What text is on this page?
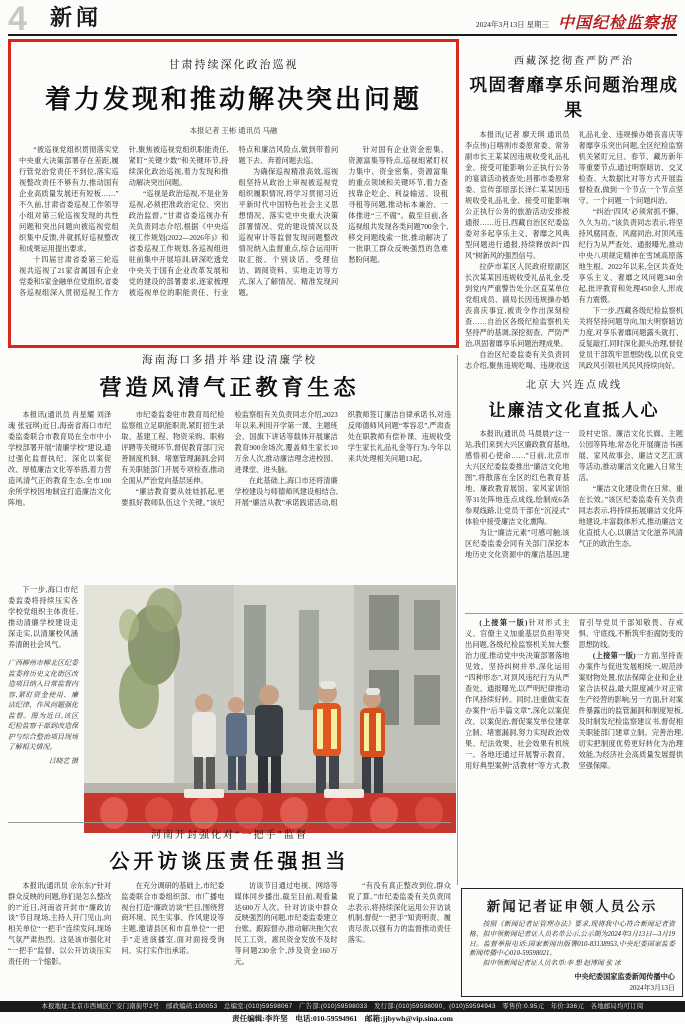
4 新闻	2024年3月13日 星期三 中国纪检监察报
甘肃持续深化政治巡视
着力发现和推动解决突出问题
本报记者 王彬 通讯员 马融

“被巡视党组织贯彻落实党中央重大决策部署存在差距,履行管党治党责任不到位,落实巡视整改责任不够有力,推动国有企业高质量发展还有短板……”不久前,甘肃省委巡视工作领导小组对第三轮巡视发现的共性问题和突出问题向被巡视党组织集中反馈,并就抓好巡视整改和成果运用提出要求。

十四届甘肃省委第三轮巡视共巡视了21家省属国有企业党委和5家金融单位党组织,省委各巡视组深入贯彻巡视工作方针,聚焦被巡视党组织职能责任,紧盯“关键少数”和关键环节,持续深化政治巡视,着力发现和推动解决突出问题。

“巡视是政治巡视,不是业务巡视,必须把准政治定位、突出政治监督。”甘肃省委巡视办有关负责同志介绍,根据《中央巡视工作规划(2022—2026年)》和省委巡视工作规划,各巡视组进驻前集中开展培训,研深吃透党中央关于国有企业改革发展和党的建设的部署要求,逐家梳理被巡视单位的职能责任、行业特点和廉洁风险点,做到带着问题下去、奔着问题去巡。

为确保巡视精准高效,巡视组坚持从政治上审视被巡视党组织履职情况,将学习贯彻习近平新时代中国特色社会主义思想情况、落实党中央重大决策部署情况、党的建设情况以及巡视审计等监督发现问题整改情况纳入监督重点,综合运用听取汇报、个别谈话、受理信访、调阅资料、实地走访等方式,深入了解情况、精准发现问题。

针对国有企业资金密集、资源富集等特点,巡视组紧盯权力集中、资金密集、资源富集的重点领域和关键环节,着力查找靠企吃企、利益输送、设租寻租等问题,推动标本兼治、一体推进“三不腐”。截至目前,各巡视组共发现各类问题700余个,移交问题线索一批,推动解决了一批职工群众反映强烈的急难愁盼问题。

西藏深挖彻查严防严治
巩固奢靡享乐问题治理成果

本报讯(记者 廖天琪 通讯员 李点伟)日喀则市委原常委、常务副市长王某某因违规收受礼品礼金、接受可能影响公正执行公务的宴请活动被查处;昌都市委原常委、宣传部原部长泽仁某某因违规收受礼品礼金、接受可能影响公正执行公务的旅游活动安排被通报……近日,西藏自治区纪委监委对多起享乐主义、奢靡之风典型问题进行通报,持续释放纠“四风”树新风的强烈信号。

拉萨市某区人民政府原副区长次某某因违规收受礼品礼金,受到党内严重警告处分;区直某单位党组成员、副局长因违规操办婚丧喜庆事宜,被责令作出深刻检查……自治区各级纪检监察机关坚持严的基调,深挖彻查、严防严治,巩固奢靡享乐问题治理成果。

自治区纪委监委有关负责同志介绍,聚焦违规吃喝、违规收送礼品礼金、违规操办婚丧喜庆等奢靡享乐突出问题,全区纪检监察机关紧盯元旦、春节、藏历新年等重要节点,通过明察暗访、交叉检查、大数据比对等方式开展监督检查,做到一个节点一个节点坚守、一个问题一个问题纠治。

“纠治‘四风’必须常抓不懈、久久为功。”该负责同志表示,将坚持风腐同查、风腐同治,对顶风违纪行为从严查处、通报曝光,推动中央八项规定精神在雪域高原落地生根。2022年以来,全区共查处享乐主义、奢靡之风问题340余起,批评教育和处理450余人,形成有力震慑。

下一步,西藏各级纪检监察机关将坚持问题导向,加大明察暗访力度,对享乐奢靡问题露头就打、反复敲打,同时深化源头治理,督促党员干部筑牢思想防线,以优良党风政风引领社风民风持续向好。

海南海口多措并举建设清廉学校
营造风清气正教育生态

本报讯(通讯员 肖星耀 刘泽魂 张冠琪)近日,海南省海口市纪委监委联合市教育局在全市中小学校部署开展“清廉学校”建设,通过强化监督执纪、深化以案促改、厚植廉洁文化等举措,着力营造风清气正的教育生态,全市100余所学校因地制宜打造廉洁文化阵地。

市纪委监委驻市教育局纪检监察组立足职能职责,紧盯招生录取、基建工程、物资采购、职称评聘等关键环节,督促教育部门完善制度机制、堵塞管理漏洞,会同有关职能部门开展专项检查,推动全面从严治党向基层延伸。

“廉洁教育要从娃娃抓起,更要抓好教师队伍这个关键。”该纪检监察组有关负责同志介绍,2023年以来,利用开学第一课、主题班会、国旗下讲话等载体开展廉洁教育900余场次,覆盖师生家长10万余人次,推动廉洁理念进校园、进课堂、进头脑。

在此基础上,海口市还将清廉学校建设与师德师风建设相结合,开展“廉洁从教”承诺践诺活动,组织教师签订廉洁自律承诺书,对违反师德师风问题“零容忍”,严肃查处在职教师有偿补课、违规收受学生家长礼品礼金等行为,今年以来共处理相关问题13起。

下一步,海口市纪委监委将持续压实各学校党组织主体责任,推动清廉学校建设走深走实,以清廉校风涵养清朗社会风气。

广西柳州市柳北区纪委监委将历史文化街区改造项目纳入日常监督内容,紧盯资金使用、廉洁纪律、作风问题强化监督。图为近日,该区纪检监察干部到改造保护与综合整治项目现场了解相关情况。
吕晓艺 摄
北京大兴连点成线
让廉洁文化直抵人心

本报讯(通讯员 马晨晨)“这一站,我们来到大兴区廉政教育基地,感悟初心使命……”日前,北京市大兴区纪委监委推出“廉洁文化地图”,将散落在全区的红色教育基地、廉政教育展馆、家风家训馆等31处阵地连点成线,绘制成6条参观线路,让党员干部在“沉浸式”体验中接受廉洁文化熏陶。

为让“廉洁元素”可感可触,该区纪委监委会同有关部门深挖本地历史文化资源中的廉洁基因,建设村史馆、廉洁文化长廊、主题公园等阵地,常态化开展廉洁书画展、家风故事会、廉洁文艺汇演等活动,推动廉洁文化融入日常生活。

“廉洁文化建设贵在日常、重在长效。”该区纪委监委有关负责同志表示,将持续拓展廉洁文化阵地建设,丰富载体形式,推动廉洁文化直抵人心,以廉洁文化滋养风清气正的政治生态。

(上接第一版)针对形式主义、官僚主义加重基层负担等突出问题,各级纪检监察机关加大整治力度,推动党中央决策部署落地见效。坚持纠树并举,深化运用“四种形态”,对顶风违纪行为从严查处、通报曝光,以严明纪律推动作风持续好转。同时,注重做实查办案件“后半篇文章”,深化以案促改、以案促治,督促案发单位建章立制、堵塞漏洞,努力实现政治效果、纪法效果、社会效果有机统一。各地还通过开展警示教育、用好典型案例“活教材”等方式,教育引导党员干部知敬畏、存戒惧、守底线,不断筑牢拒腐防变的思想防线。

(上接第一版)一方面,坚持查办案件与促进发展相统一,规范涉案财物处置,依法保障企业和企业家合法权益,最大限度减少对正常生产经营的影响;另一方面,针对案件暴露出的监管漏洞和制度短板,及时制发纪检监察建议书,督促相关职能部门建章立制、完善治理,切实把制度优势更好转化为治理效能,为经济社会高质量发展提供坚强保障。

河南开封强化对“一把手”监督
公开访谈压责任强担当

本报讯(通讯员 佘东东)“针对群众反映的问题,你们是怎么整改的?”近日,河南省开封市“廉政访谈”节目现场,主持人开门见山,向相关单位“一把手”连续发问,现场气氛严肃热烈。这是该市强化对“一把手”监督、以公开访谈压实责任的一个缩影。

在充分调研的基础上,市纪委监委联合市委组织部、市广播电视台打造“廉政访谈”栏目,围绕营商环境、民生实事、作风建设等主题,邀请县区和市直单位“一把手”走进演播室,面对面接受询问、实打实作出承诺。

访谈节目通过电视、网络等媒体同步播出,截至目前,观看量达600万人次。针对访谈中群众反映强烈的问题,市纪委监委建立台账、跟踪督办,推动解决拖欠农民工工资、惠民资金发放不及时等问题230余个,涉及资金160万元。

“有没有真正整改到位,群众说了算。”市纪委监委有关负责同志表示,将持续深化运用公开访谈机制,督促“一把手”知责明责、履责尽责,以强有力的监督推动责任落实。

新闻记者证申领人员公示

按照《新闻记者证管理办法》要求,现将我中心符合新闻记者资格、拟申领新闻记者证人员名单公示,公示期为2024年3月13日—3月19日。监督举报电话:国家新闻出版署010-83138953,中央纪委国家监委新闻传播中心010-59598021。

拟申领新闻记者证人员名单:李 想 赵博闻 张 冰

中央纪委国家监委新闻传播中心
2024年3月13日
本报地址:北京市西城区广安门南街甲2号　邮政编码:100053　总编室:(010)59598067　广告部:(010)59598033　发行部:(010)59598090、(010)59594943　零售价:0.95元　年价:336元　各地邮局均可订阅
责任编辑:李许坚　电话:010-59594961　邮箱:jjbywh@vip.sina.com
